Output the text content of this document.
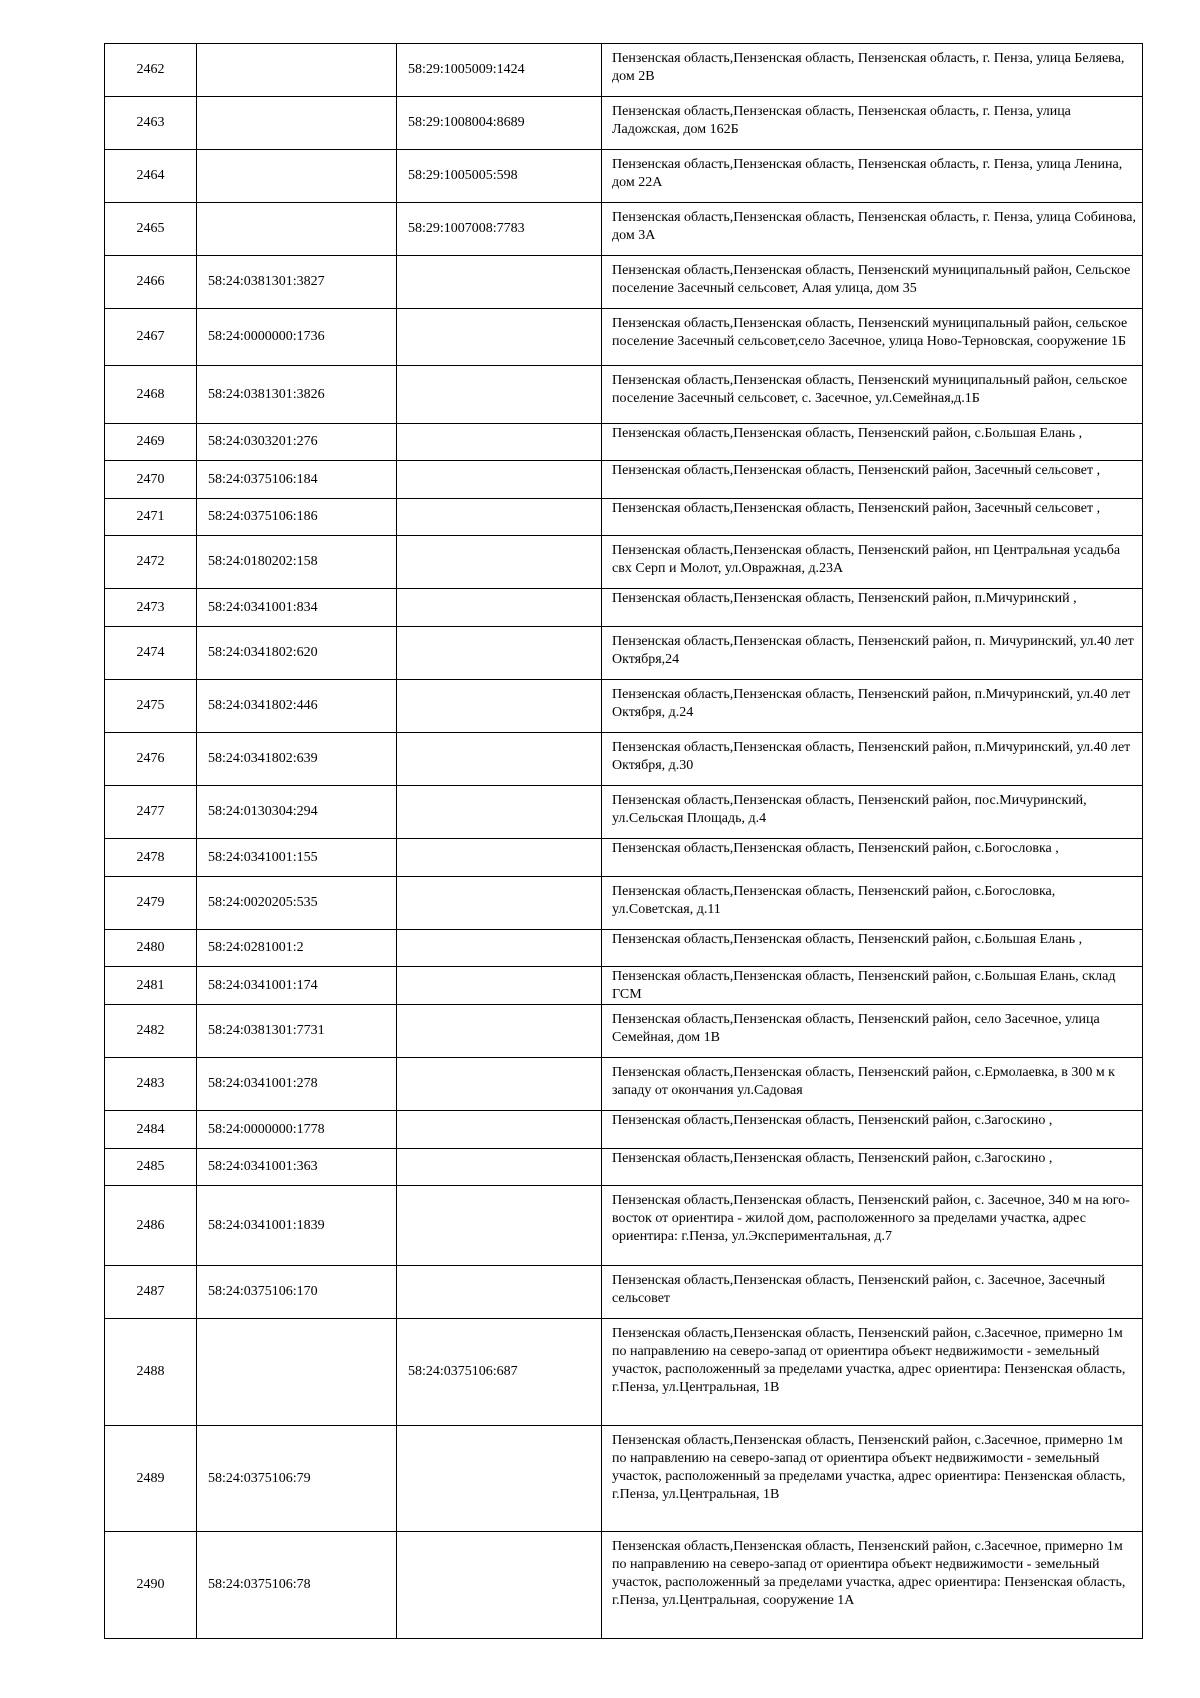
2462		58:29:1005009:1424	Пензенская область,Пензенская область, Пензенская область, г. Пенза, улица Беляева, дом 2В
2463		58:29:1008004:8689	Пензенская область,Пензенская область, Пензенская область, г. Пенза, улица Ладожская, дом 162Б
2464		58:29:1005005:598	Пензенская область,Пензенская область, Пензенская область, г. Пенза, улица Ленина, дом 22А
2465		58:29:1007008:7783	Пензенская область,Пензенская область, Пензенская область, г. Пенза, улица Собинова, дом 3А
2466	58:24:0381301:3827		Пензенская область,Пензенская область, Пензенский муниципальный район, Сельское поселение Засечный сельсовет, Алая улица, дом 35
2467	58:24:0000000:1736		Пензенская область,Пензенская область, Пензенский муниципальный район, сельское поселение Засечный сельсовет,село Засечное, улица Ново-Терновская, сооружение 1Б
2468	58:24:0381301:3826		Пензенская область,Пензенская область, Пензенский муниципальный район, сельское поселение Засечный сельсовет, с. Засечное, ул.Семейная,д.1Б
2469	58:24:0303201:276		Пензенская область,Пензенская область, Пензенский район, с.Большая Елань ,
2470	58:24:0375106:184		Пензенская область,Пензенская область, Пензенский район, Засечный сельсовет ,
2471	58:24:0375106:186		Пензенская область,Пензенская область, Пензенский район, Засечный сельсовет ,
2472	58:24:0180202:158		Пензенская область,Пензенская область, Пензенский район, нп Центральная усадьба свх Серп и Молот, ул.Овражная, д.23А
2473	58:24:0341001:834		Пензенская область,Пензенская область, Пензенский район, п.Мичуринский ,
2474	58:24:0341802:620		Пензенская область,Пензенская область, Пензенский район, п. Мичуринский, ул.40 лет Октября,24
2475	58:24:0341802:446		Пензенская область,Пензенская область, Пензенский район, п.Мичуринский, ул.40 лет Октября, д.24
2476	58:24:0341802:639		Пензенская область,Пензенская область, Пензенский район, п.Мичуринский, ул.40 лет Октября, д.30
2477	58:24:0130304:294		Пензенская область,Пензенская область, Пензенский район, пос.Мичуринский, ул.Сельская Площадь, д.4
2478	58:24:0341001:155		Пензенская область,Пензенская область, Пензенский район, с.Богословка ,
2479	58:24:0020205:535		Пензенская область,Пензенская область, Пензенский район, с.Богословка, ул.Советская, д.11
2480	58:24:0281001:2		Пензенская область,Пензенская область, Пензенский район, с.Большая Елань ,
2481	58:24:0341001:174		Пензенская область,Пензенская область, Пензенский район, с.Большая Елань, склад ГСМ
2482	58:24:0381301:7731		Пензенская область,Пензенская область, Пензенский район, село Засечное, улица Семейная, дом 1В
2483	58:24:0341001:278		Пензенская область,Пензенская область, Пензенский район, с.Ермолаевка, в 300 м к западу от окончания ул.Садовая
2484	58:24:0000000:1778		Пензенская область,Пензенская область, Пензенский район, с.Загоскино ,
2485	58:24:0341001:363		Пензенская область,Пензенская область, Пензенский район, с.Загоскино ,
2486	58:24:0341001:1839		Пензенская область,Пензенская область, Пензенский район, с. Засечное, 340 м на юго-восток от ориентира - жилой дом, расположенного за пределами участка, адрес ориентира: г.Пенза, ул.Экспериментальная, д.7
2487	58:24:0375106:170		Пензенская область,Пензенская область, Пензенский район, с. Засечное, Засечный сельсовет
2488		58:24:0375106:687	Пензенская область,Пензенская область, Пензенский район, с.Засечное, примерно 1м по направлению на северо-запад от ориентира объект недвижимости - земельный участок, расположенный за пределами участка, адрес ориентира: Пензенская область, г.Пенза, ул.Центральная, 1В
2489	58:24:0375106:79		Пензенская область,Пензенская область, Пензенский район, с.Засечное, примерно 1м по направлению на северо-запад от ориентира объект недвижимости - земельный участок, расположенный за пределами участка, адрес ориентира: Пензенская область, г.Пенза, ул.Центральная, 1В
2490	58:24:0375106:78		Пензенская область,Пензенская область, Пензенский район, с.Засечное, примерно 1м по направлению на северо-запад от ориентира объект недвижимости - земельный участок, расположенный за пределами участка, адрес ориентира: Пензенская область, г.Пенза, ул.Центральная, сооружение 1А
